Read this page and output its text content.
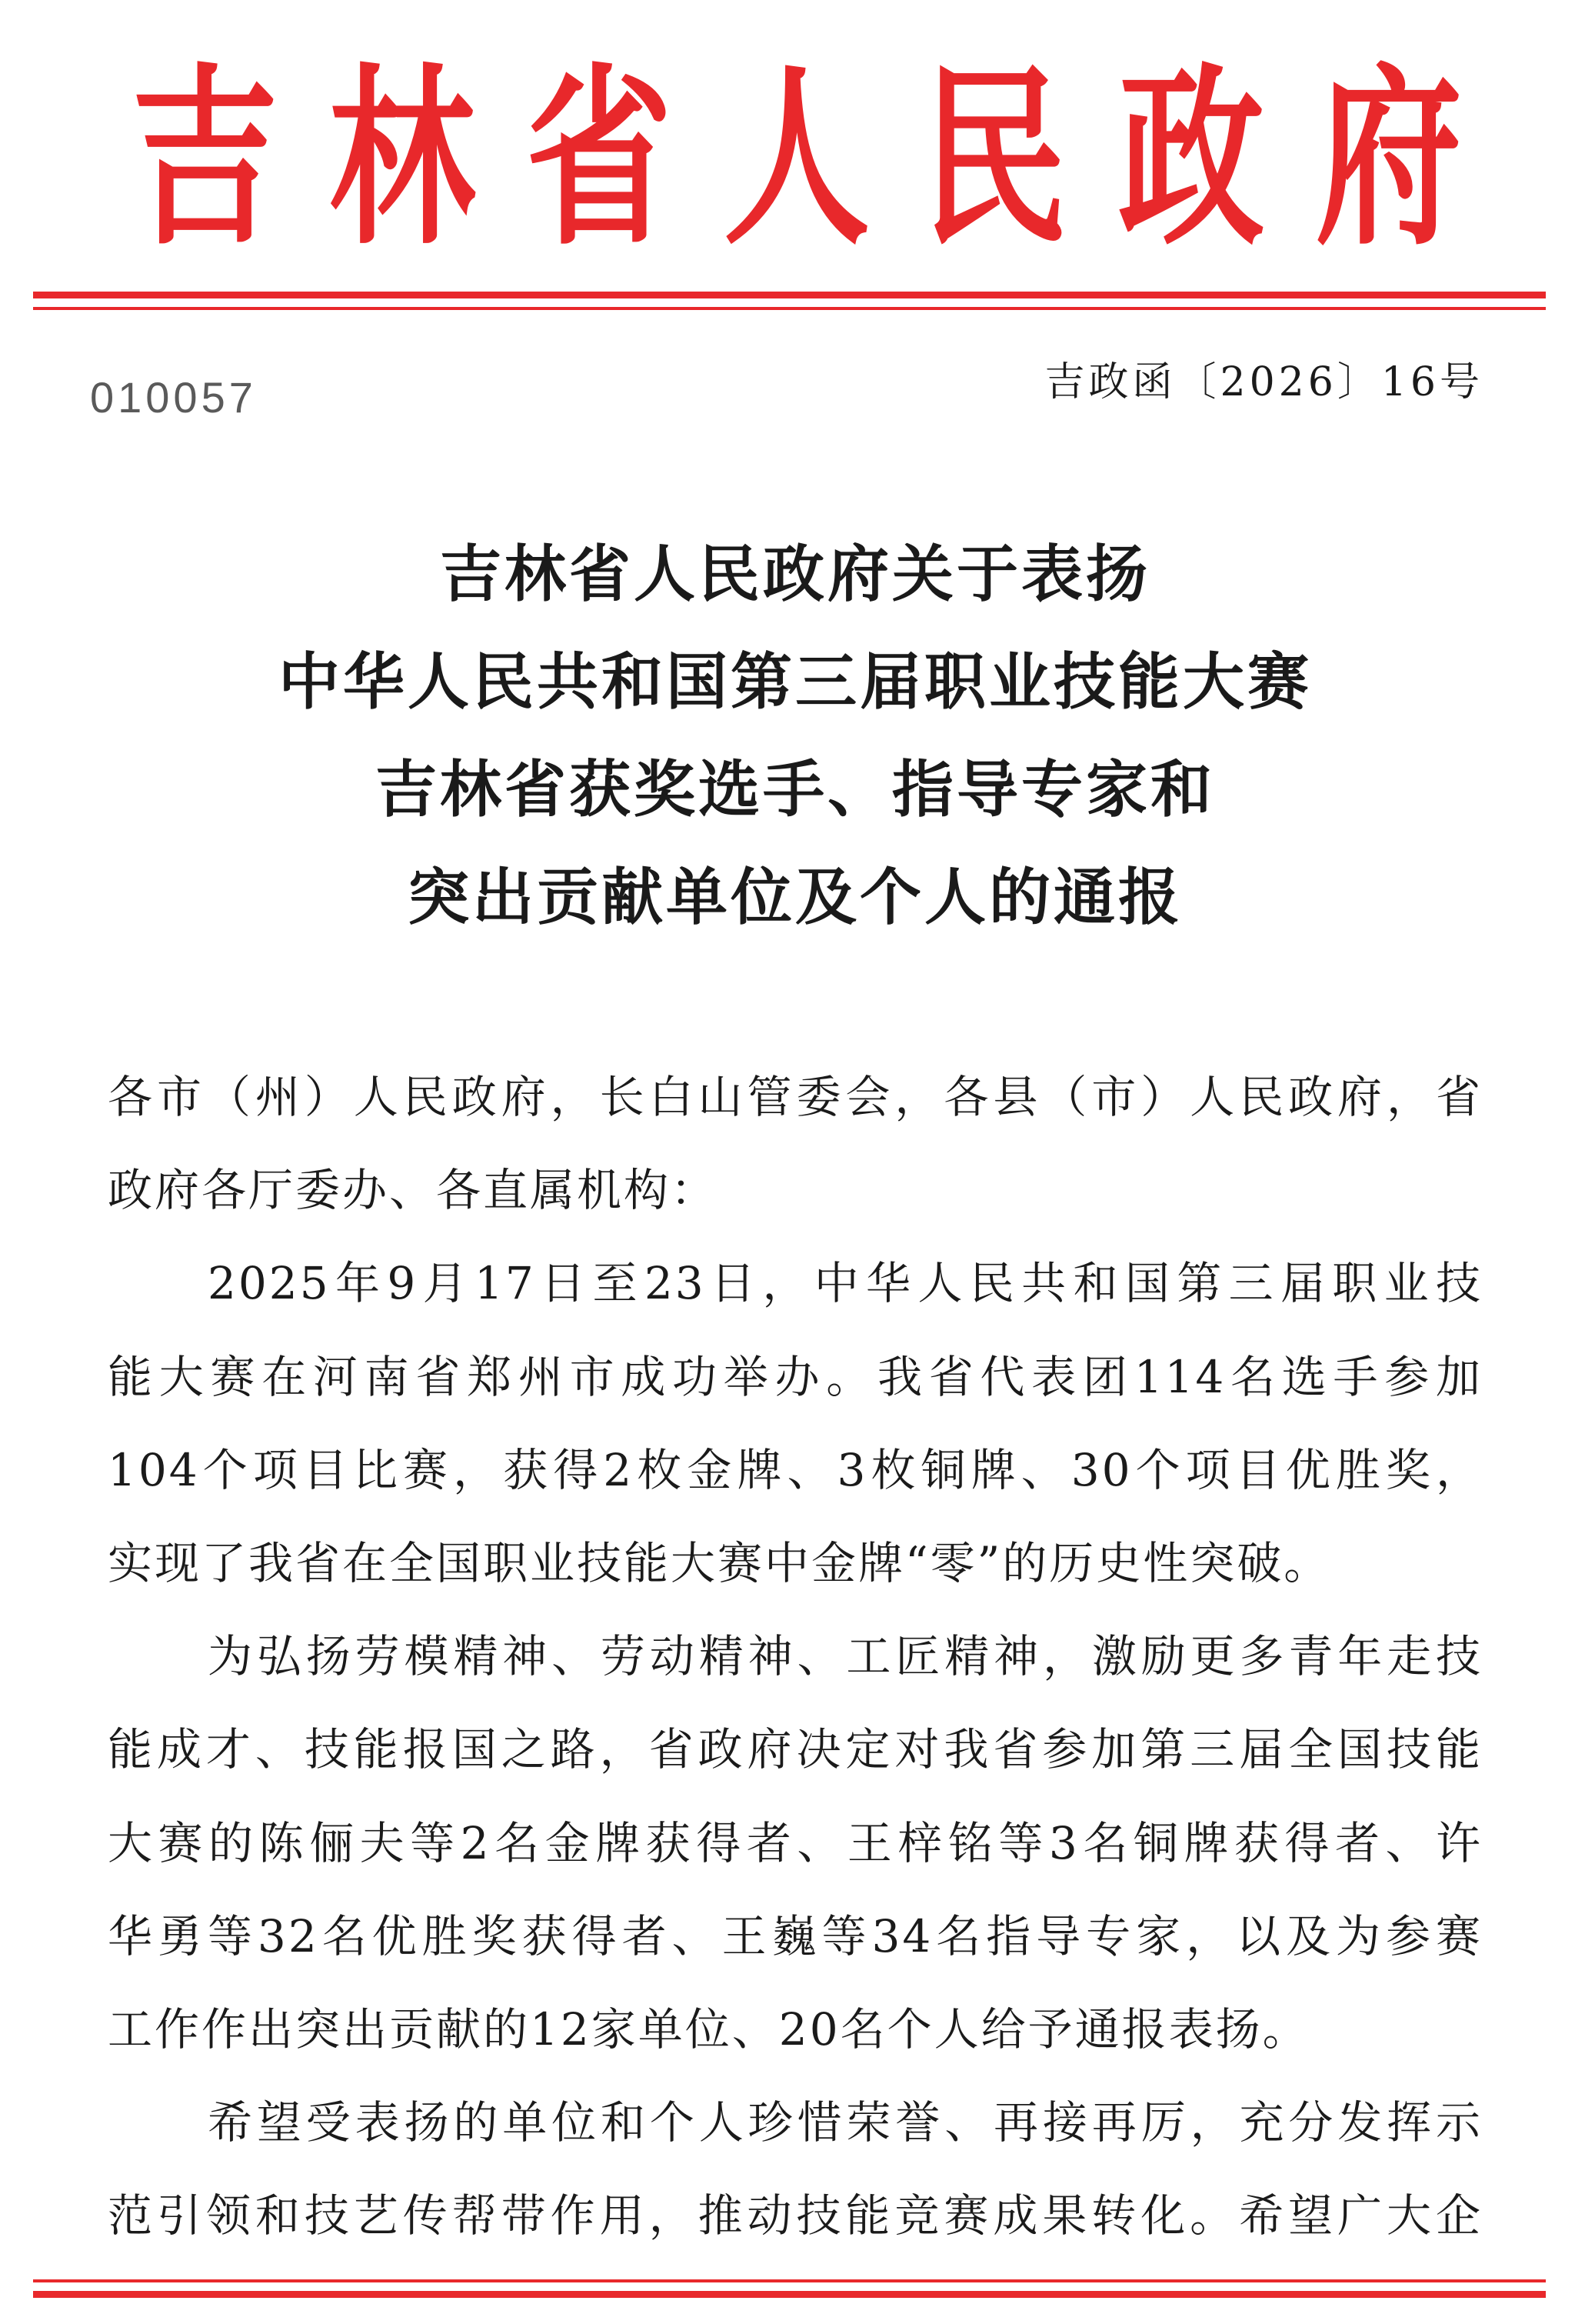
吉 林 省 人 民 政 府
010057	吉政函〔2026〕16号
吉林省人民政府关于表扬
中华人民共和国第三届职业技能大赛
吉林省获奖选手、指导专家和
突出贡献单位及个人的通报
各市（州）人民政府，长白山管委会，各县（市）人民政府，省
政府各厅委办、各直属机构：
2025年9月17日至23日，中华人民共和国第三届职业技
能大赛在河南省郑州市成功举办。我省代表团114名选手参加
104个项目比赛，获得2枚金牌、3枚铜牌、30个项目优胜奖，
实现了我省在全国职业技能大赛中金牌“零”的历史性突破。
为弘扬劳模精神、劳动精神、工匠精神，激励更多青年走技
能成才、技能报国之路，省政府决定对我省参加第三届全国技能
大赛的陈俪夫等2名金牌获得者、王梓铭等3名铜牌获得者、许
华勇等32名优胜奖获得者、王巍等34名指导专家，以及为参赛
工作作出突出贡献的12家单位、20名个人给予通报表扬。
希望受表扬的单位和个人珍惜荣誉、再接再厉，充分发挥示
范引领和技艺传帮带作用，推动技能竞赛成果转化。希望广大企
